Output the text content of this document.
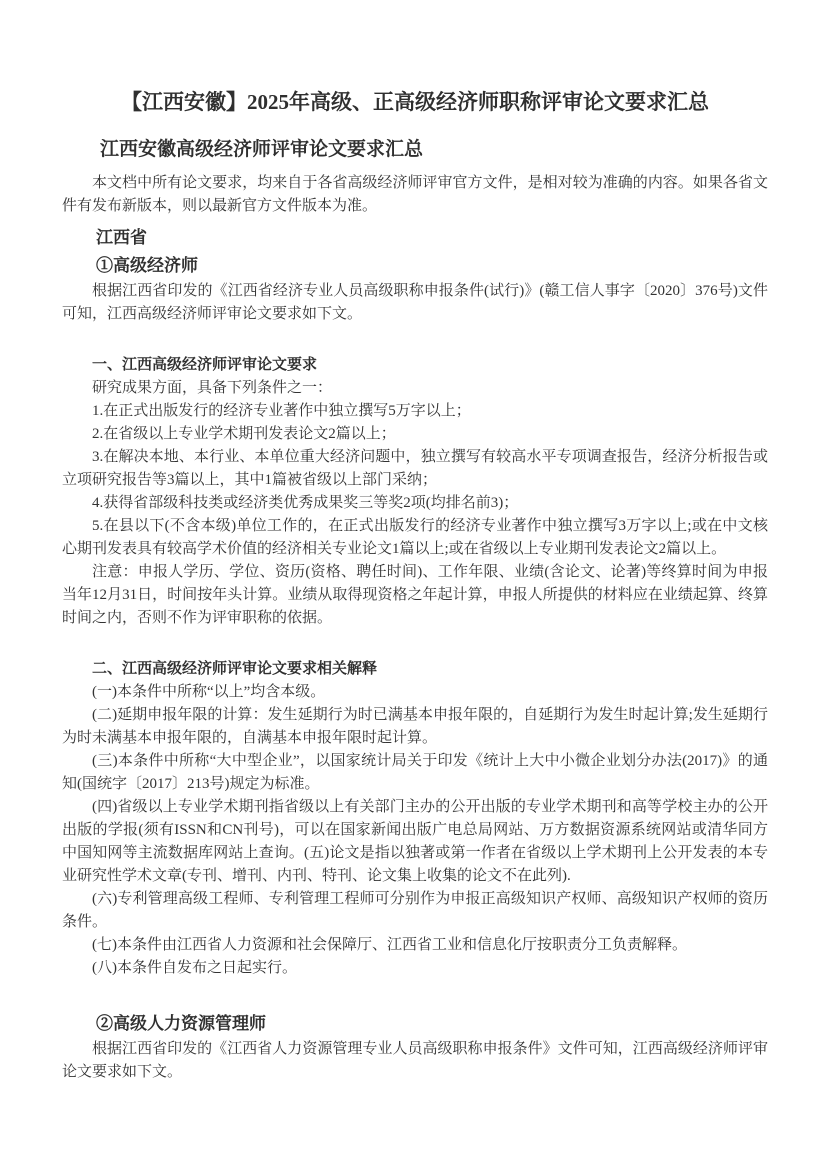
【江西安徽】2025年高级、正高级经济师职称评审论文要求汇总
江西安徽高级经济师评审论文要求汇总

本文档中所有论文要求，均来自于各省高级经济师评审官方文件，是相对较为准确的内容。如果各省文件有发布新版本，则以最新官方文件版本为准。

江西省
①高级经济师

根据江西省印发的《江西省经济专业人员高级职称申报条件(试行)》(赣工信人事字〔2020〕376号)文件可知，江西高级经济师评审论文要求如下文。

一、江西高级经济师评审论文要求

研究成果方面，具备下列条件之一：

1.在正式出版发行的经济专业著作中独立撰写5万字以上；

2.在省级以上专业学术期刊发表论文2篇以上；

3.在解决本地、本行业、本单位重大经济问题中，独立撰写有较高水平专项调查报告，经济分析报告或立项研究报告等3篇以上，其中1篇被省级以上部门采纳；

4.获得省部级科技类或经济类优秀成果奖三等奖2项(均排名前3)；

5.在县以下(不含本级)单位工作的，在正式出版发行的经济专业著作中独立撰写3万字以上;或在中文核心期刊发表具有较高学术价值的经济相关专业论文1篇以上;或在省级以上专业期刊发表论文2篇以上。

注意：申报人学历、学位、资历(资格、聘任时间)、工作年限、业绩(含论文、论著)等终算时间为申报当年12月31日，时间按年头计算。业绩从取得现资格之年起计算，申报人所提供的材料应在业绩起算、终算时间之内，否则不作为评审职称的依据。

二、江西高级经济师评审论文要求相关解释

(一)本条件中所称“以上”均含本级。

(二)延期申报年限的计算：发生延期行为时已满基本申报年限的，自延期行为发生时起计算;发生延期行为时未满基本申报年限的，自满基本申报年限时起计算。

(三)本条件中所称“大中型企业”，以国家统计局关于印发《统计上大中小微企业划分办法(2017)》的通知(国统字〔2017〕213号)规定为标准。

(四)省级以上专业学术期刊指省级以上有关部门主办的公开出版的专业学术期刊和高等学校主办的公开出版的学报(须有ISSN和CN刊号)，可以在国家新闻出版广电总局网站、万方数据资源系统网站或清华同方中国知网等主流数据库网站上查询。(五)论文是指以独著或第一作者在省级以上学术期刊上公开发表的本专业研究性学术文章(专刊、增刊、内刊、特刊、论文集上收集的论文不在此列).

(六)专利管理高级工程师、专利管理工程师可分别作为申报正高级知识产权师、高级知识产权师的资历条件。

(七)本条件由江西省人力资源和社会保障厅、江西省工业和信息化厅按职责分工负责解释。

(八)本条件自发布之日起实行。

②高级人力资源管理师

根据江西省印发的《江西省人力资源管理专业人员高级职称申报条件》文件可知，江西高级经济师评审论文要求如下文。
